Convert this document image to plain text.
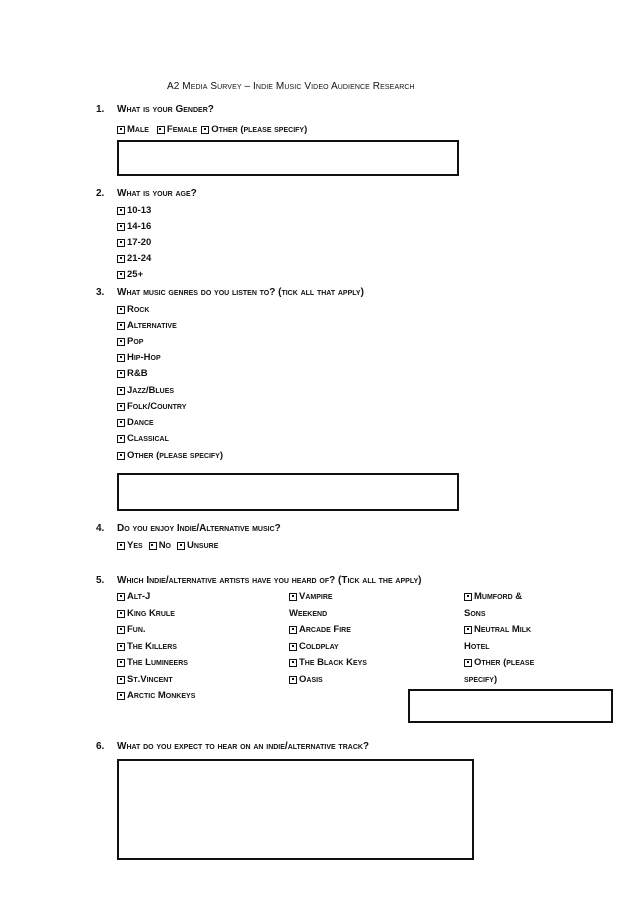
A2 Media Survey – Indie Music Video Audience Research
1. What is your Gender?
Male Female Other (please specify)
2. What is your age?
10-13
14-16
17-20
21-24
25+
3. What music genres do you listen to? (tick all that apply)
Rock
Alternative
Pop
Hip-Hop
R&B
Jazz/Blues
Folk/Country
Dance
Classical
Other (please specify)
4. Do you enjoy Indie/Alternative music?
Yes No Unsure
5. Which Indie/alternative artists have you heard of? (Tick all the apply)
Alt-J
King Krule
Fun.
The Killers
The Lumineers
St.Vincent
Arctic Monkeys
Vampire
Weekend
Arcade Fire
Coldplay
The Black Keys
Oasis
Mumford &
Sons
Neutral Milk
Hotel
Other (please
specify)
6. What do you expect to hear on an indie/alternative track?
